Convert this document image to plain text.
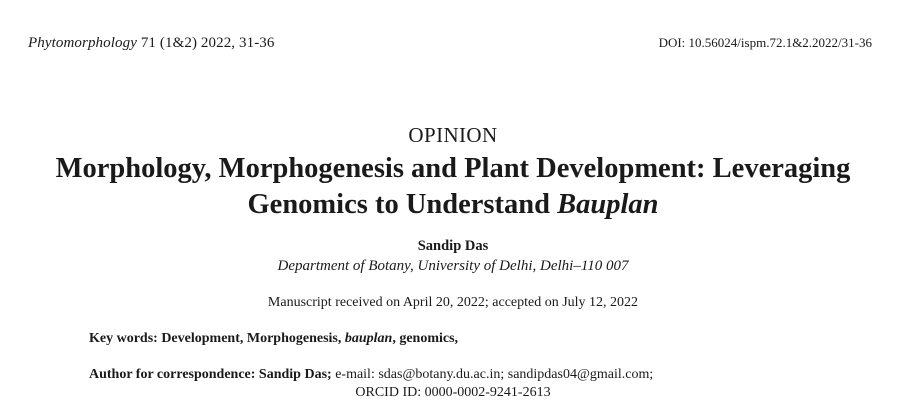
Phytomorphology 71 (1&2) 2022, 31-36	DOI: 10.56024/ispm.72.1&2.2022/31-36
OPINION
Morphology, Morphogenesis and Plant Development: Leveraging
Genomics to Understand Bauplan
Sandip Das
Department of Botany, University of Delhi, Delhi–110 007
Manuscript received on April 20, 2022; accepted on July 12, 2022
Key words: Development, Morphogenesis, bauplan, genomics,
Author for correspondence: Sandip Das; e-mail: sdas@botany.du.ac.in; sandipdas04@gmail.com;
ORCID ID: 0000-0002-9241-2613
